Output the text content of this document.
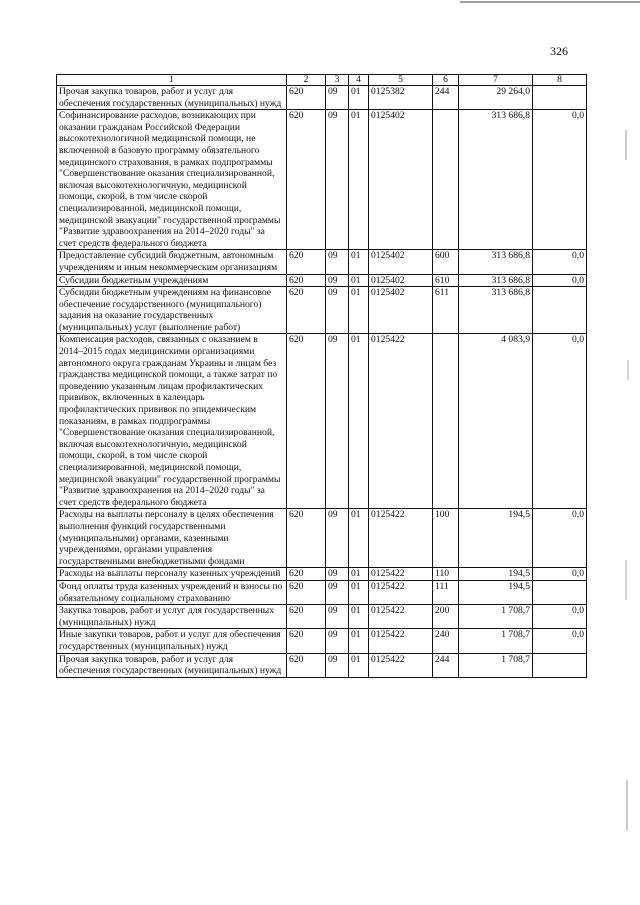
326
1	2	3	4	5	6	7	8
Прочая закупка товаров, работ и услуг для обеспечения государственных (муниципальных) нужд	620	09	01	0125382	244	29 264,0	
Софинансирование расходов, возникающих при оказании гражданам Российской Федерации высокотехнологичной медицинской помощи, не включенной в базовую программу обязательного медицинского страхования, в рамках подпрограммы "Совершенствование оказания специализированной, включая высокотехнологичную, медицинской помощи, скорой, в том числе скорой специализированной, медицинской помощи, медицинской эвакуации" государственной программы "Развитие здравоохранения на 2014–2020 годы" за счет средств федерального бюджета	620	09	01	0125402		313 686,8	0,0
Предоставление субсидий бюджетным, автономным учреждениям и иным некоммерческим организациям	620	09	01	0125402	600	313 686,8	0,0
Субсидии бюджетным учреждениям	620	09	01	0125402	610	313 686,8	0,0
Субсидии бюджетным учреждениям на финансовое обеспечение государственного (муниципального) задания на оказание государственных (муниципальных) услуг (выполнение работ)	620	09	01	0125402	611	313 686,8	
Компенсация расходов, связанных с оказанием в 2014–2015 годах медицинскими организациями автономного округа гражданам Украины и лицам без гражданства медицинской помощи, а также затрат по проведению указанным лицам профилактических прививок, включенных в календарь профилактических прививок по эпидемическим показаниям, в рамках подпрограммы "Совершенствование оказания специализированной, включая высокотехнологичную, медицинской помощи, скорой, в том числе скорой специализированной, медицинской помощи, медицинской эвакуации" государственной программы "Развитие здравоохранения на 2014–2020 годы" за счет средств федерального бюджета	620	09	01	0125422		4 083,9	0,0
Расходы на выплаты персоналу в целях обеспечения выполнения функций государственными (муниципальными) органами, казенными учреждениями, органами управления государственными внебюджетными фондами	620	09	01	0125422	100	194,5	0,0
Расходы на выплаты персоналу казенных учреждений	620	09	01	0125422	110	194,5	0,0
Фонд оплаты труда казенных учреждений и взносы по обязательному социальному страхованию	620	09	01	0125422	111	194,5	
Закупка товаров, работ и услуг для государственных (муниципальных) нужд	620	09	01	0125422	200	1 708,7	0,0
Иные закупки товаров, работ и услуг для обеспечения государственных (муниципальных) нужд	620	09	01	0125422	240	1 708,7	0,0
Прочая закупка товаров, работ и услуг для обеспечения государственных (муниципальных) нужд	620	09	01	0125422	244	1 708,7	
